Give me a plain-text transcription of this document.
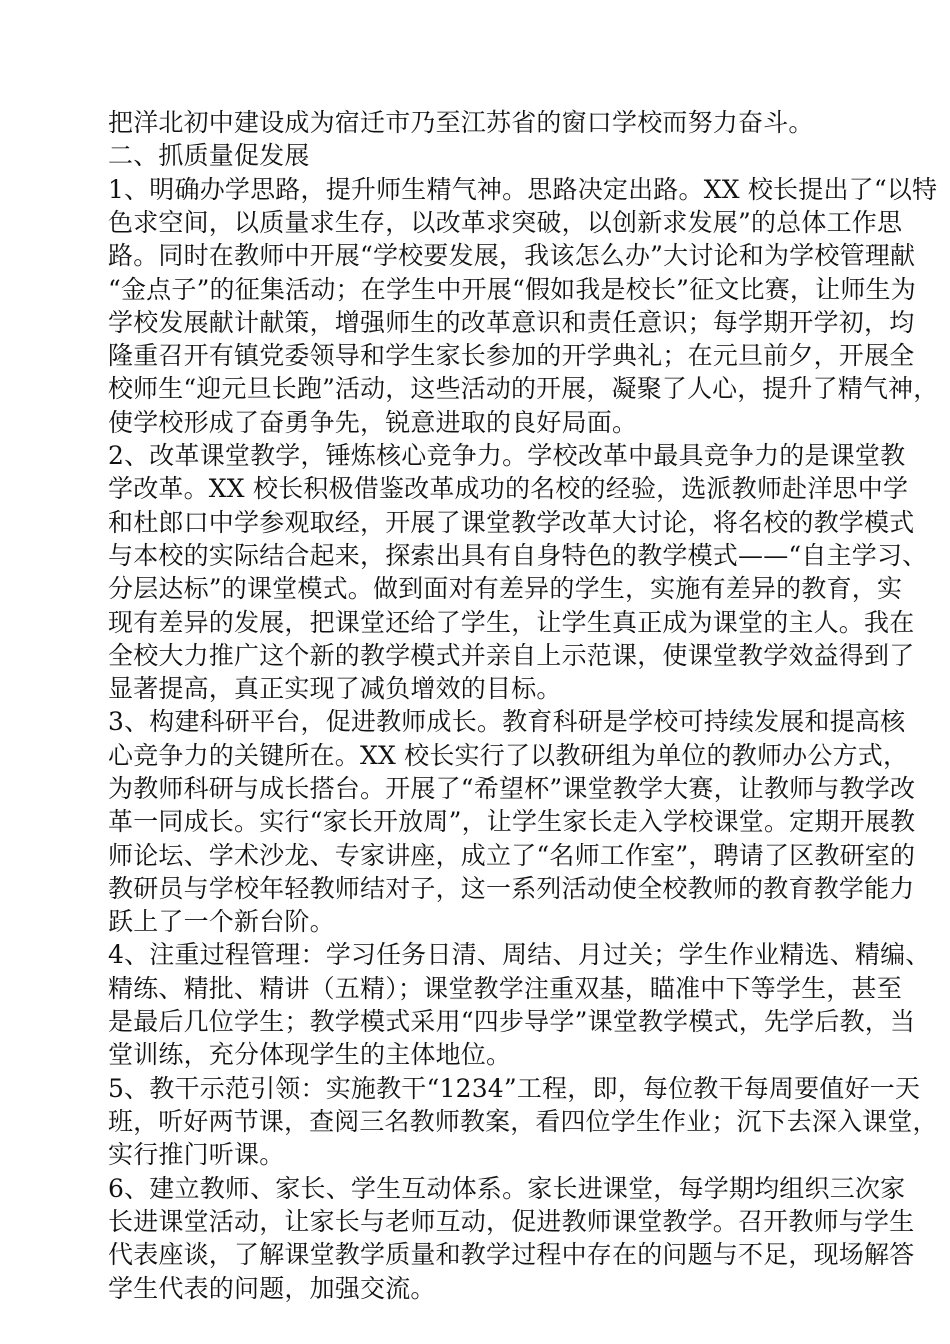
把洋北初中建设成为宿迁市乃至江苏省的窗口学校而努力奋斗。
二、抓质量促发展
1、明确办学思路，提升师生精气神。思路决定出路。XX 校长提出了“以特
色求空间，以质量求生存，以改革求突破，以创新求发展”的总体工作思
路。同时在教师中开展“学校要发展，我该怎么办”大讨论和为学校管理献
“金点子”的征集活动；在学生中开展“假如我是校长”征文比赛，让师生为
学校发展献计献策，增强师生的改革意识和责任意识；每学期开学初，均
隆重召开有镇党委领导和学生家长参加的开学典礼；在元旦前夕，开展全
校师生“迎元旦长跑”活动，这些活动的开展，凝聚了人心，提升了精气神，
使学校形成了奋勇争先，锐意进取的良好局面。
2、改革课堂教学，锤炼核心竞争力。学校改革中最具竞争力的是课堂教
学改革。XX 校长积极借鉴改革成功的名校的经验，选派教师赴洋思中学
和杜郎口中学参观取经，开展了课堂教学改革大讨论，将名校的教学模式
与本校的实际结合起来，探索出具有自身特色的教学模式——“自主学习、
分层达标”的课堂模式。做到面对有差异的学生，实施有差异的教育，实
现有差异的发展，把课堂还给了学生，让学生真正成为课堂的主人。我在
全校大力推广这个新的教学模式并亲自上示范课，使课堂教学效益得到了
显著提高，真正实现了减负增效的目标。
3、构建科研平台，促进教师成长。教育科研是学校可持续发展和提高核
心竞争力的关键所在。XX 校长实行了以教研组为单位的教师办公方式，
为教师科研与成长搭台。开展了“希望杯”课堂教学大赛，让教师与教学改
革一同成长。实行“家长开放周”，让学生家长走入学校课堂。定期开展教
师论坛、学术沙龙、专家讲座，成立了“名师工作室”，聘请了区教研室的
教研员与学校年轻教师结对子，这一系列活动使全校教师的教育教学能力
跃上了一个新台阶。
4、注重过程管理：学习任务日清、周结、月过关；学生作业精选、精编、
精练、精批、精讲（五精）；课堂教学注重双基，瞄准中下等学生，甚至
是最后几位学生；教学模式采用“四步导学”课堂教学模式，先学后教，当
堂训练，充分体现学生的主体地位。
5、教干示范引领：实施教干“1234”工程，即，每位教干每周要值好一天
班，听好两节课，查阅三名教师教案，看四位学生作业；沉下去深入课堂，
实行推门听课。
6、建立教师、家长、学生互动体系。家长进课堂，每学期均组织三次家
长进课堂活动，让家长与老师互动，促进教师课堂教学。召开教师与学生
代表座谈，了解课堂教学质量和教学过程中存在的问题与不足，现场解答
学生代表的问题，加强交流。
